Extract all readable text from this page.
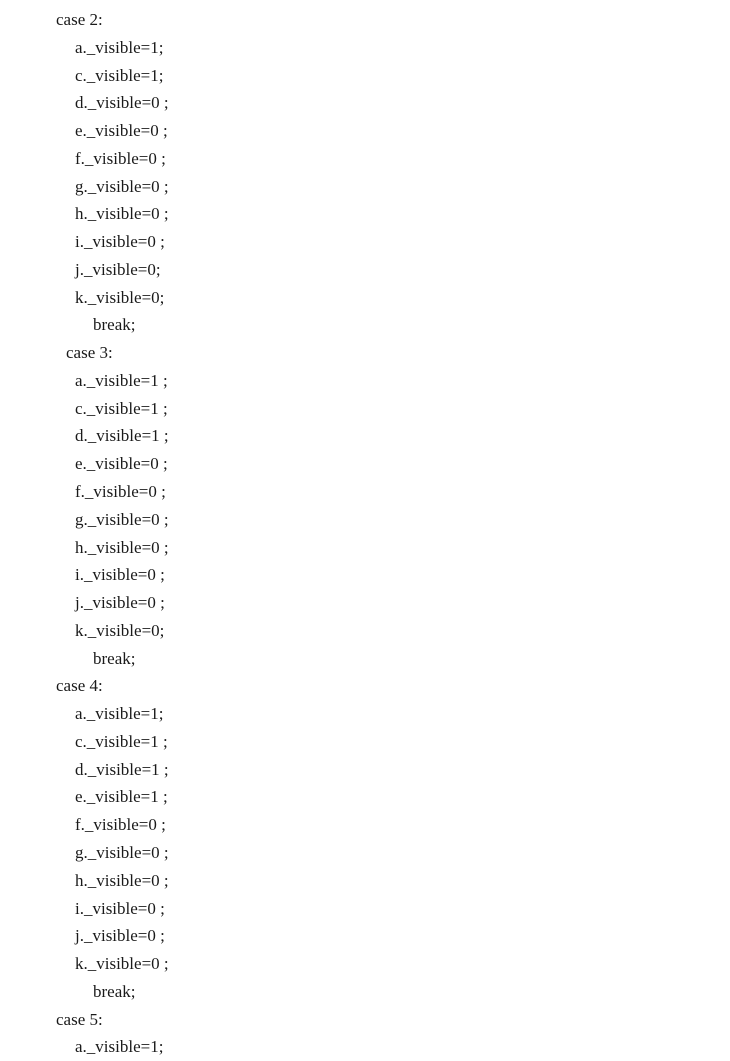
case 2:
a._visible=1;
c._visible=1;
d._visible=0 ;
e._visible=0 ;
f._visible=0 ;
g._visible=0 ;
h._visible=0 ;
i._visible=0 ;
j._visible=0;
k._visible=0;
break;
case 3:
a._visible=1 ;
c._visible=1 ;
d._visible=1 ;
e._visible=0 ;
f._visible=0 ;
g._visible=0 ;
h._visible=0 ;
i._visible=0 ;
j._visible=0 ;
k._visible=0;
break;
case 4:
a._visible=1;
c._visible=1 ;
d._visible=1 ;
e._visible=1 ;
f._visible=0 ;
g._visible=0 ;
h._visible=0 ;
i._visible=0 ;
j._visible=0 ;
k._visible=0 ;
break;
case 5:
a._visible=1;
